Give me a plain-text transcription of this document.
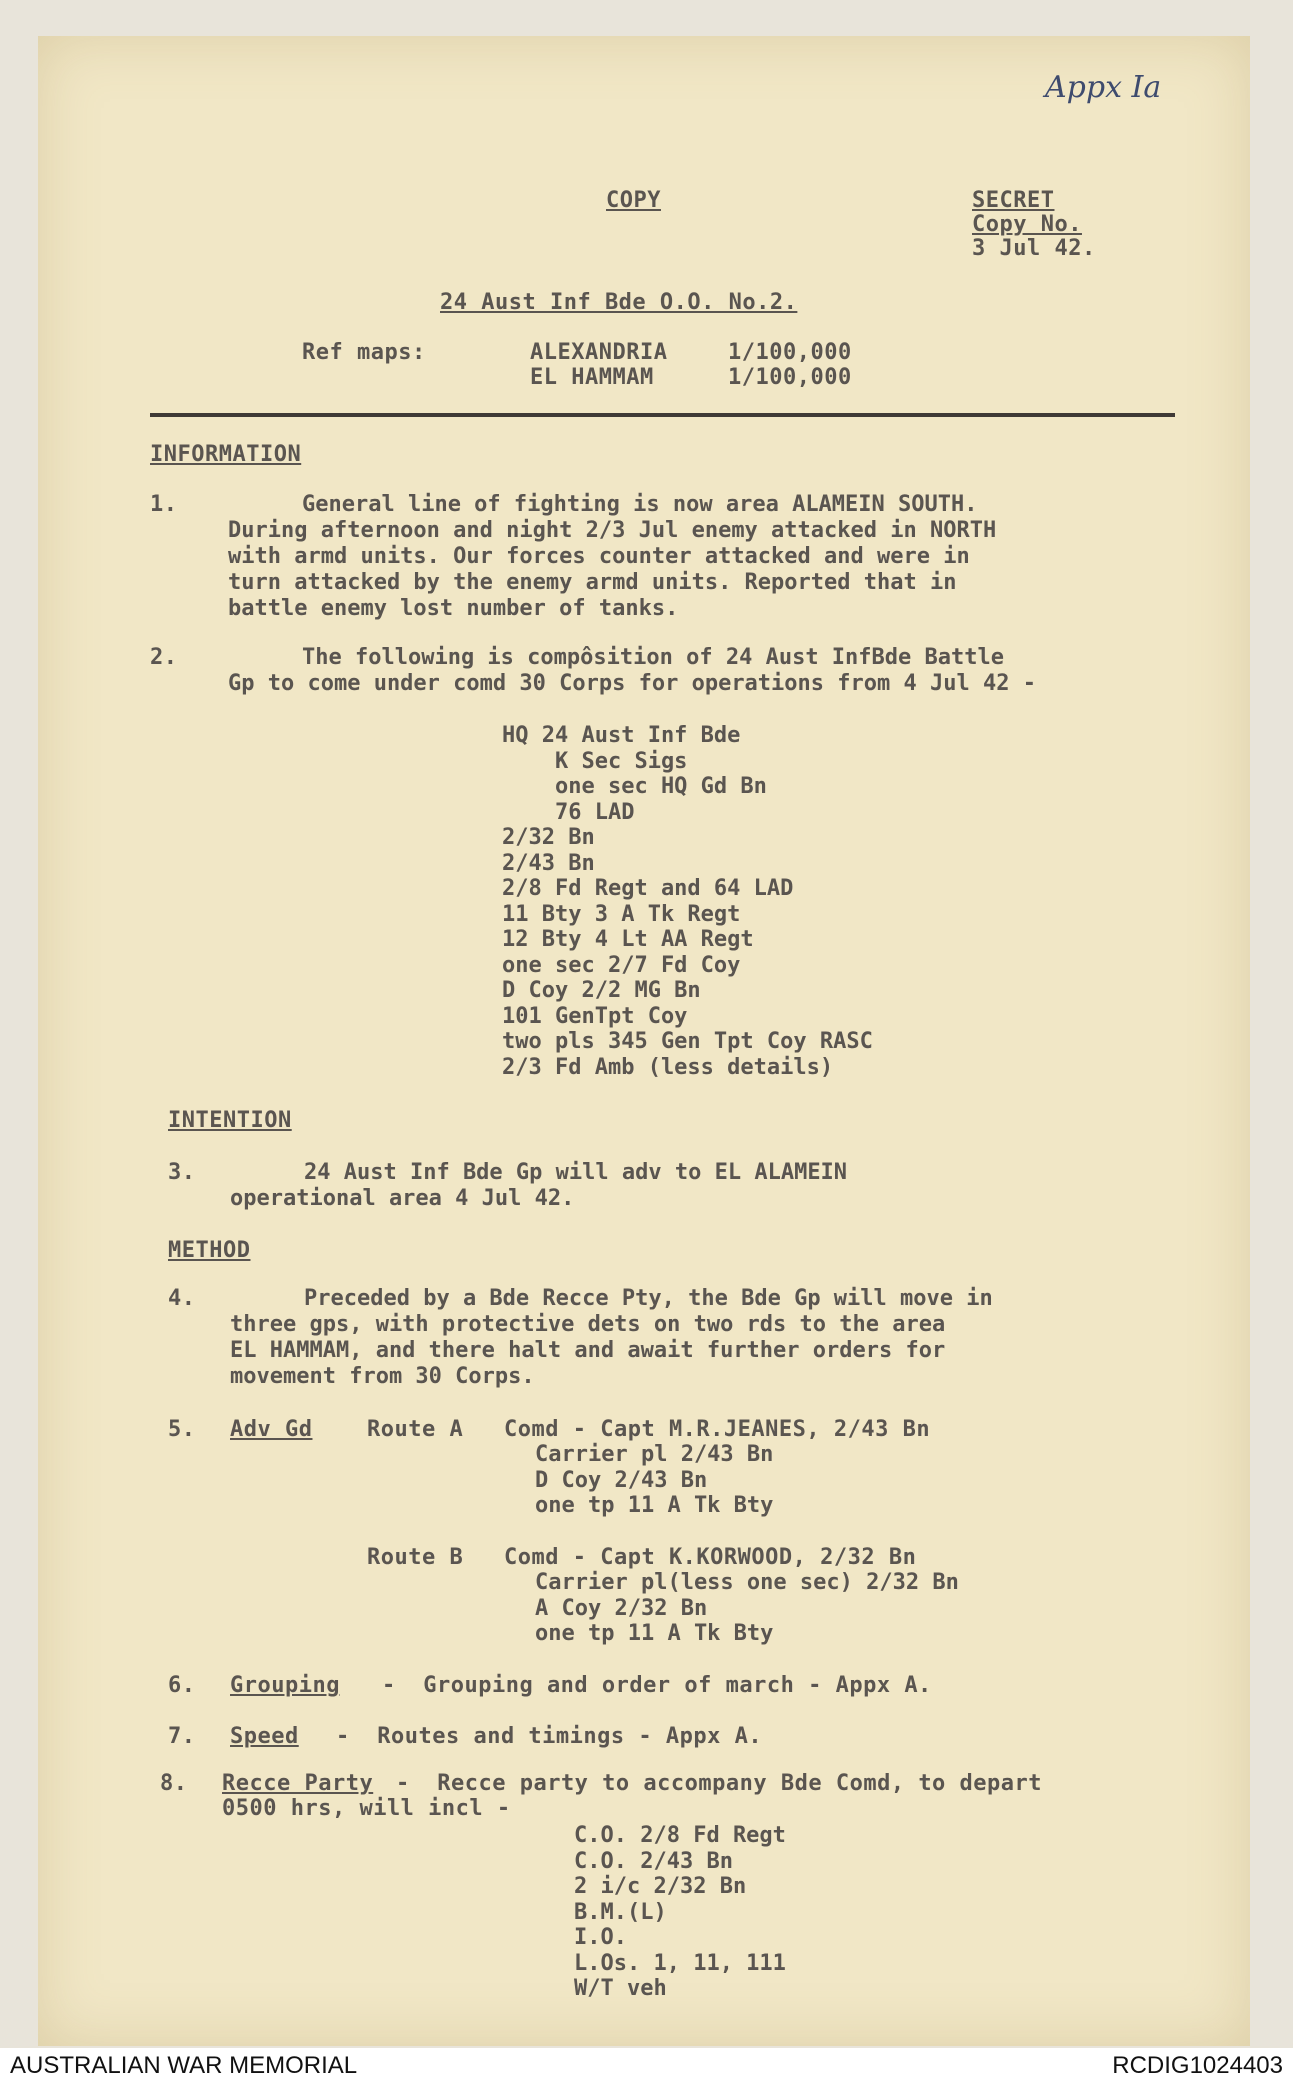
Appx Ia
COPY	SECRET
Copy No.
3 Jul 42.
24 Aust Inf Bde O.O. No.2.
Ref maps:	ALEXANDRIA	1/100,000
EL HAMMAM	1/100,000
INFORMATION
1.	General line of fighting is now area ALAMEIN SOUTH.
During afternoon and night 2/3 Jul enemy attacked in NORTH
with armd units. Our forces counter attacked and were in
turn attacked by the enemy armd units. Reported that in
battle enemy lost number of tanks.
2.	The following is compôsition of 24 Aust InfBde Battle
Gp to come under comd 30 Corps for operations from 4 Jul 42 -
HQ 24 Aust Inf Bde
K Sec Sigs
one sec HQ Gd Bn
76 LAD
2/32 Bn
2/43 Bn
2/8 Fd Regt and 64 LAD
11 Bty 3 A Tk Regt
12 Bty 4 Lt AA Regt
one sec 2/7 Fd Coy
D Coy 2/2 MG Bn
101 GenTpt Coy
two pls 345 Gen Tpt Coy RASC
2/3 Fd Amb (less details)
INTENTION
3.	24 Aust Inf Bde Gp will adv to EL ALAMEIN
operational area 4 Jul 42.
METHOD
4.	Preceded by a Bde Recce Pty, the Bde Gp will move in
three gps, with protective dets on two rds to the area
EL HAMMAM, and there halt and await further orders for
movement from 30 Corps.
5. Adv Gd Route A Comd - Capt M.R.JEANES, 2/43 Bn
Carrier pl 2/43 Bn
D Coy 2/43 Bn
one tp 11 A Tk Bty
Route B Comd - Capt K.KORWOOD, 2/32 Bn
Carrier pl(less one sec) 2/32 Bn
A Coy 2/32 Bn
one tp 11 A Tk Bty
6. Grouping -  Grouping and order of march - Appx A.
7. Speed -  Routes and timings - Appx A.
8. Recce Party -  Recce party to accompany Bde Comd, to depart
0500 hrs, will incl -
C.O. 2/8 Fd Regt
C.O. 2/43 Bn
2 i/c 2/32 Bn
B.M.(L)
I.O.
L.Os. 1, 11, 111
W/T veh
AUSTRALIAN WAR MEMORIAL	RCDIG1024403
